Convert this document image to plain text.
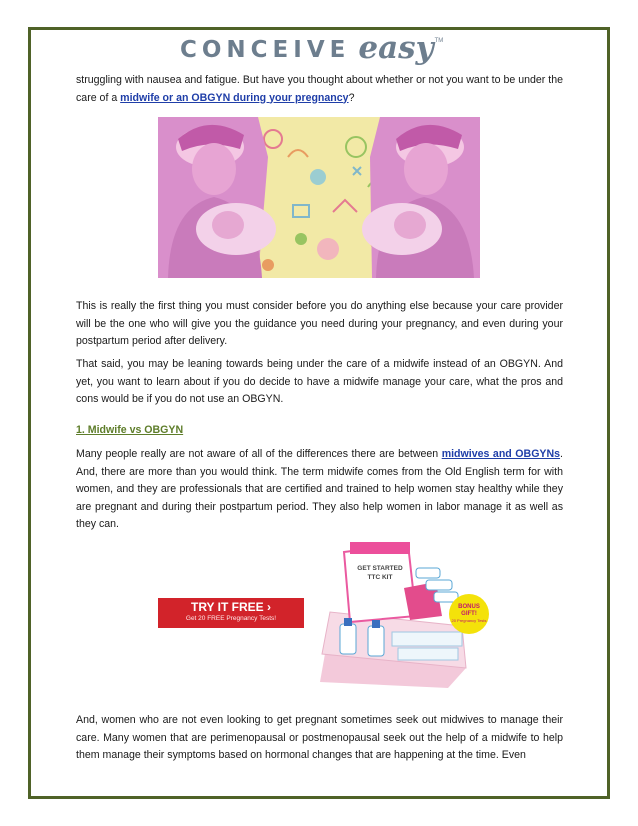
CONCEIVE easy TM

struggling with nausea and fatigue. But have you thought about whether or not you want to be under the care of a midwife or an OBGYN during your pregnancy?

This is really the first thing you must consider before you do anything else because your care provider will be the one who will give you the guidance you need during your pregnancy, and even during your postpartum period after delivery.

That said, you may be leaning towards being under the care of a midwife instead of an OBGYN. And yet, you want to learn about if you do decide to have a midwife manage your care, what the pros and cons would be if you do not use an OBGYN.

1. Midwife vs OBGYN

Many people really are not aware of all of the differences there are between midwives and OBGYNs. And, there are more than you would think. The term midwife comes from the Old English term for with women, and they are professionals that are certified and trained to help women stay healthy while they are pregnant and during their postpartum period. They also help women in labor manage it as well as they can.

TRY IT FREE ›
Get 20 FREE Pregnancy Tests!
GET STARTED
TTC KIT
BONUS GIFT!
20 Pregnancy Tests

And, women who are not even looking to get pregnant sometimes seek out midwives to manage their care. Many women that are perimenopausal or postmenopausal seek out the help of a midwife to help them manage their symptoms based on hormonal changes that are happening at the time. Even
